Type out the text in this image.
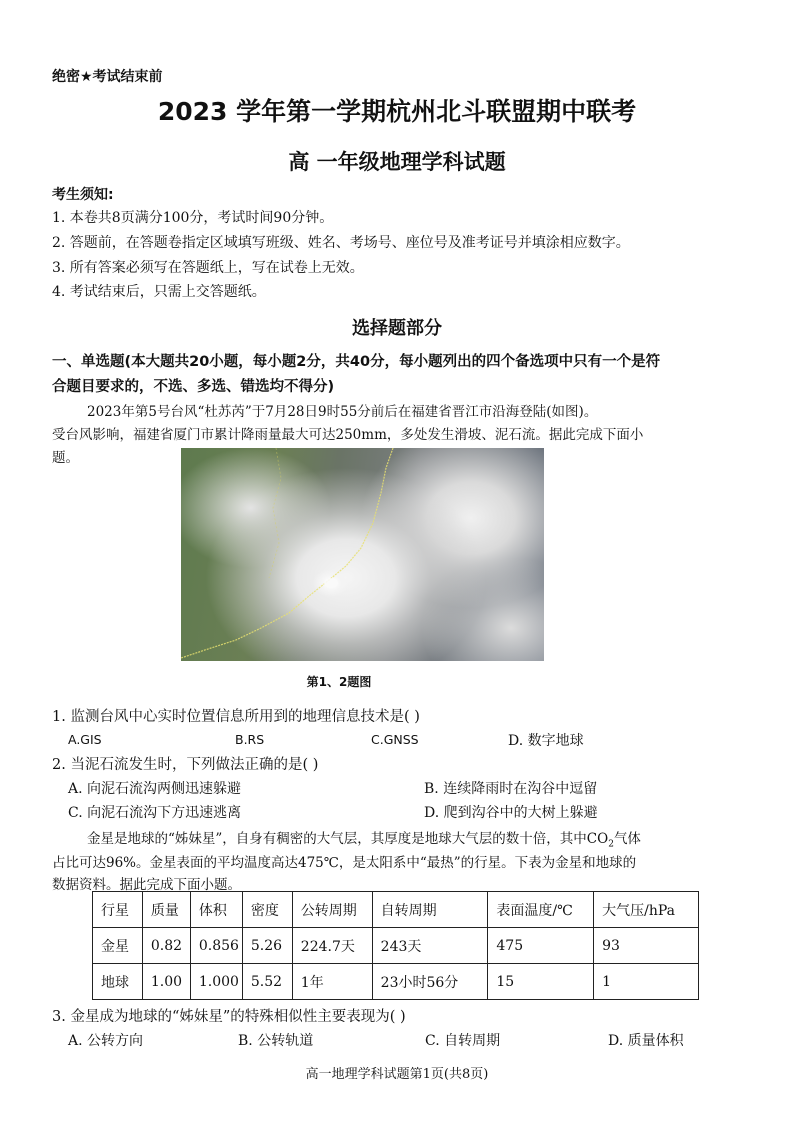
绝密★考试结束前
2023 学年第一学期杭州北斗联盟期中联考
高 一年级地理学科试题
考生须知:
1. 本卷共8页满分100分，考试时间90分钟。
2. 答题前，在答题卷指定区域填写班级、姓名、考场号、座位号及准考证号并填涂相应数字。
3. 所有答案必须写在答题纸上，写在试卷上无效。
4. 考试结束后，只需上交答题纸。
选择题部分
一、单选题(本大题共20小题，每小题2分，共40分，每小题列出的四个备选项中只有一个是符
合题目要求的，不选、多选、错选均不得分)
2023年第5号台风“杜苏芮”于7月28日9时55分前后在福建省晋江市沿海登陆(如图)。
受台风影响，福建省厦门市累计降雨量最大可达250mm，多处发生滑坡、泥石流。据此完成下面小
题。
第1、2题图
1. 监测台风中心实时位置信息所用到的地理信息技术是( )
A.GIS	B.RS	C.GNSS	D. 数字地球
2. 当泥石流发生时，下列做法正确的是( )
A. 向泥石流沟两侧迅速躲避	B. 连续降雨时在沟谷中逗留
C. 向泥石流沟下方迅速逃离	D. 爬到沟谷中的大树上躲避
金星是地球的“姊妹星”，自身有稠密的大气层，其厚度是地球大气层的数十倍，其中$CO_2$气体
占比可达96%。金星表面的平均温度高达475℃，是太阳系中“最热”的行星。下表为金星和地球的
数据资料。据此完成下面小题。
行星	质量	体积	密度	公转周期	自转周期	表面温度/℃	大气压/hPa
金星	0.82	0.856	5.26	224.7天	243天	475	93
地球	1.00	1.000	5.52	1年	23小时56分	15	1
3. 金星成为地球的“姊妹星”的特殊相似性主要表现为( )
A. 公转方向	B. 公转轨道	C. 自转周期	D. 质量体积
高一地理学科试题第1页(共8页)
